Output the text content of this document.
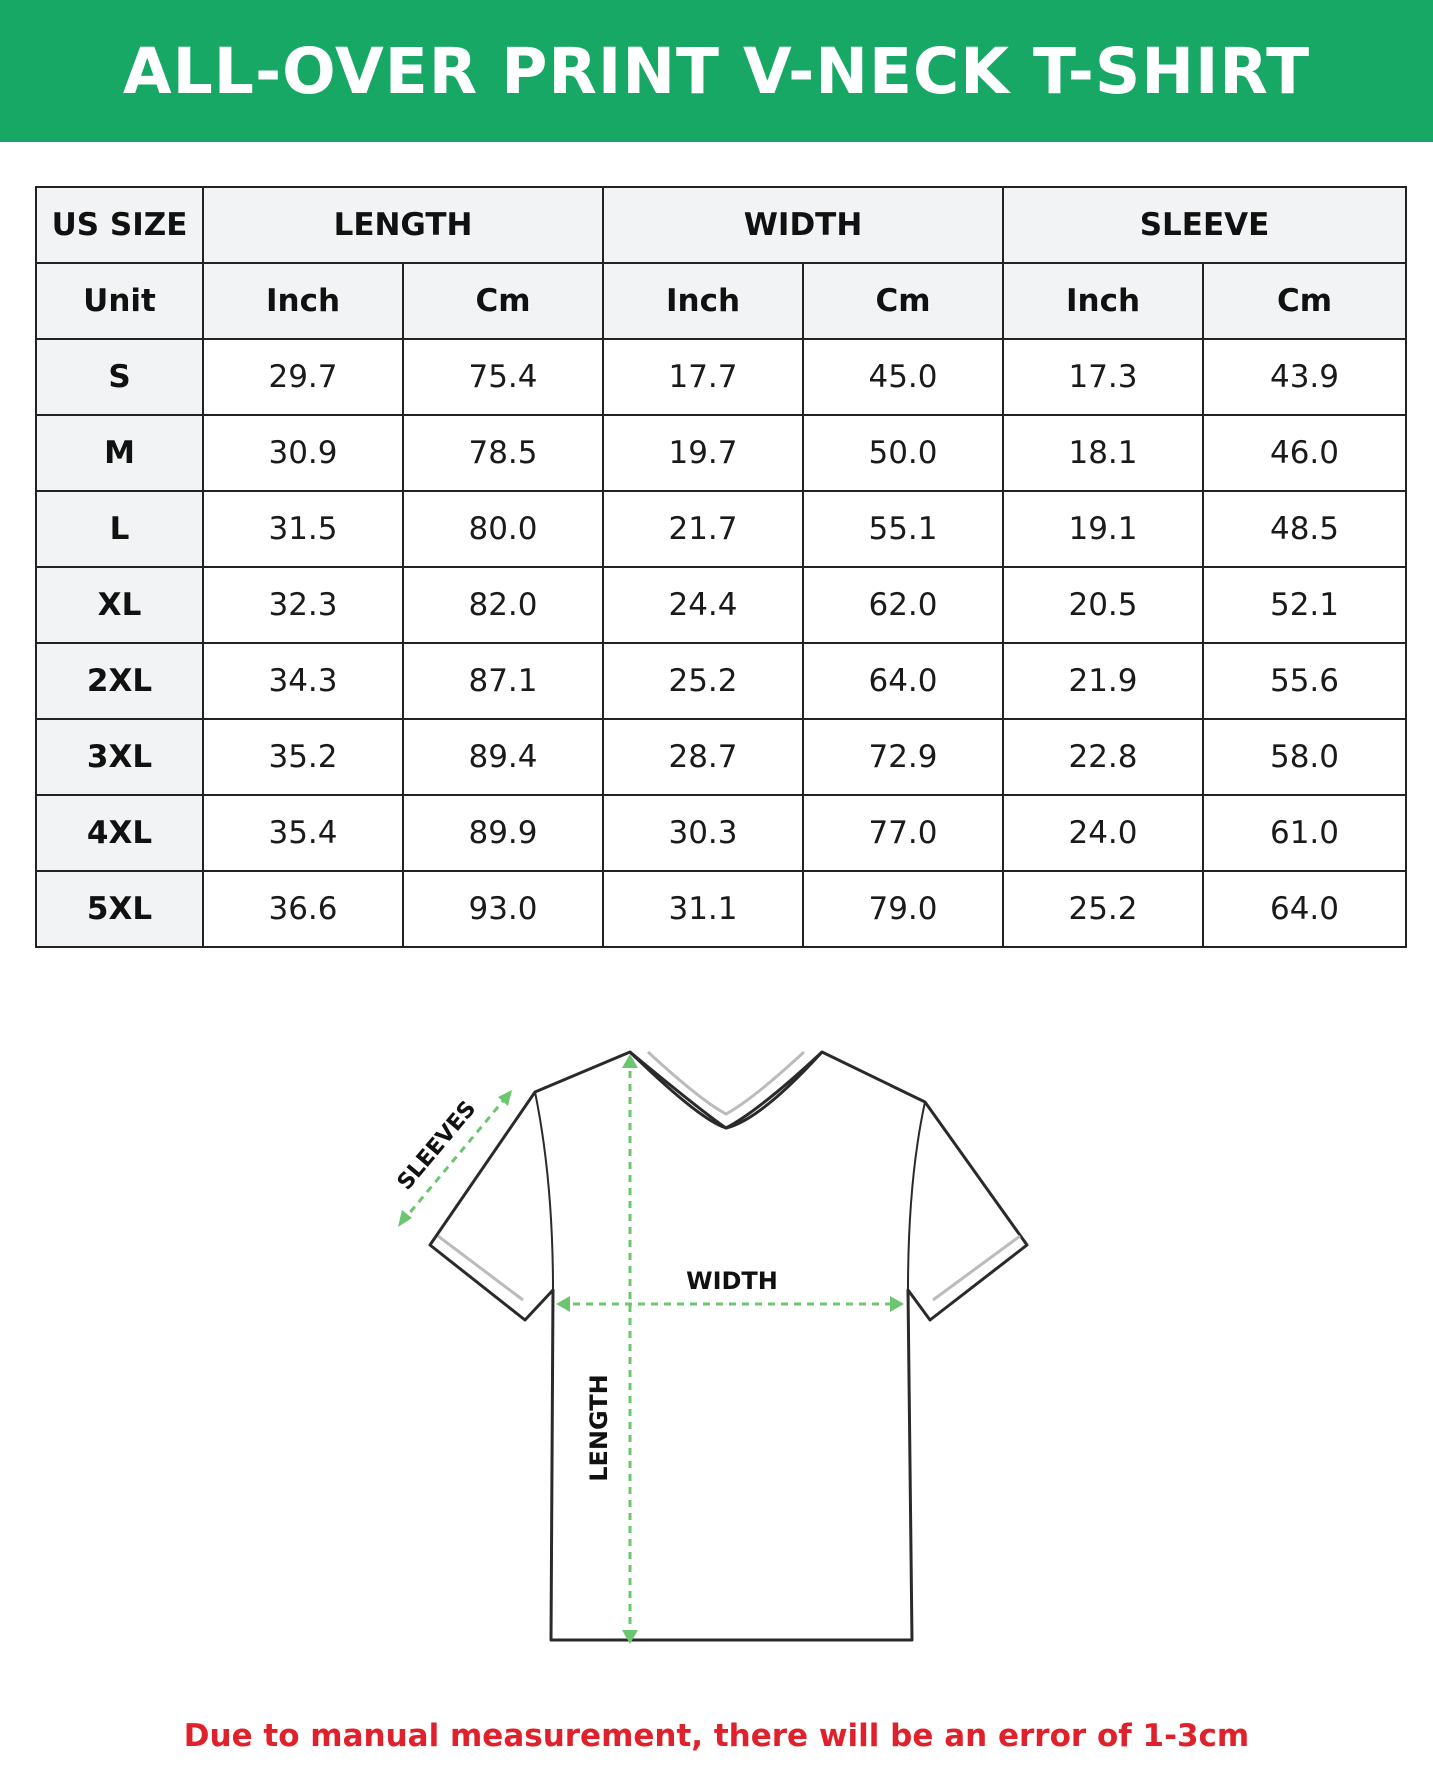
ALL-OVER PRINT V-NECK T-SHIRT
US SIZE	LENGTH		WIDTH		SLEEVE	
Unit	Inch	Cm	Inch	Cm	Inch	Cm
S	29.7	75.4	17.7	45.0	17.3	43.9
M	30.9	78.5	19.7	50.0	18.1	46.0
L	31.5	80.0	21.7	55.1	19.1	48.5
XL	32.3	82.0	24.4	62.0	20.5	52.1
2XL	34.3	87.1	25.2	64.0	21.9	55.6
3XL	35.2	89.4	28.7	72.9	22.8	58.0
4XL	35.4	89.9	30.3	77.0	24.0	61.0
5XL	36.6	93.0	31.1	79.0	25.2	64.0
WIDTH
LENGTH
SLEEVES

Due to manual measurement, there will be an error of 1-3cm
